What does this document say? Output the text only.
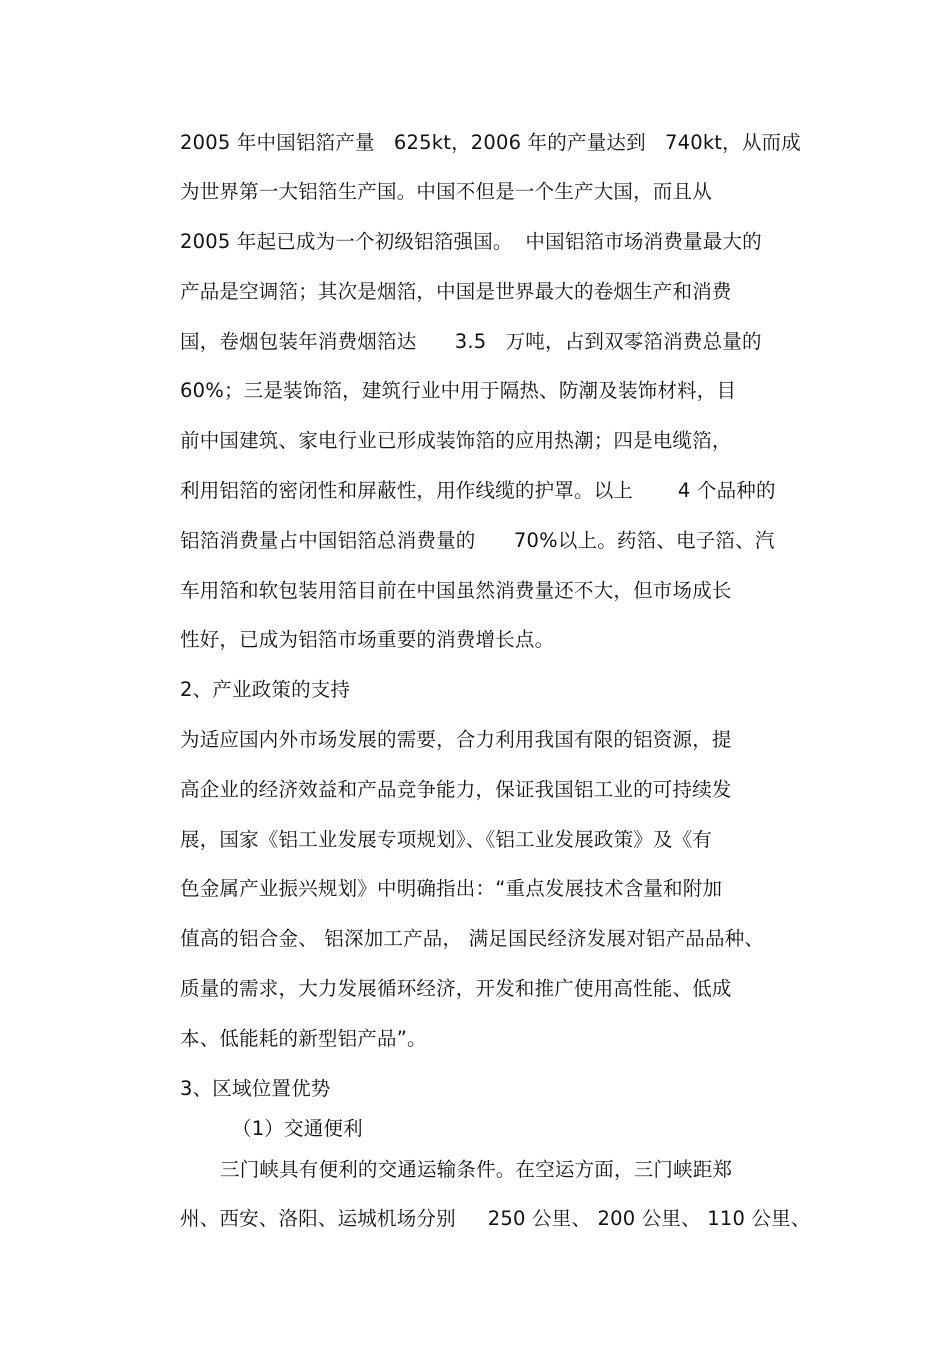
2005 年中国铝箔产量   625kt，2006 年的产量达到   740kt，从而成
为世界第一大铝箔生产国。中国不但是一个生产大国，而且从
2005 年起已成为一个初级铝箔强国。  中国铝箔市场消费量最大的
产品是空调箔；其次是烟箔，中国是世界最大的卷烟生产和消费
国，卷烟包装年消费烟箔达      3.5   万吨，占到双零箔消费总量的
60%；三是装饰箔，建筑行业中用于隔热、防潮及装饰材料，目
前中国建筑、家电行业已形成装饰箔的应用热潮；四是电缆箔，
利用铝箔的密闭性和屏蔽性，用作线缆的护罩。以上       4 个品种的
铝箔消费量占中国铝箔总消费量的      70%以上。药箔、电子箔、汽
车用箔和软包装用箔目前在中国虽然消费量还不大，但市场成长
性好，已成为铝箔市场重要的消费增长点。
2、产业政策的支持
为适应国内外市场发展的需要，合力利用我国有限的铝资源，提
高企业的经济效益和产品竞争能力，保证我国铝工业的可持续发
展，国家《铝工业发展专项规划》、《铝工业发展政策》及《有
色金属产业振兴规划》中明确指出：“重点发展技术含量和附加
值高的铝合金、 铝深加工产品， 满足国民经济发展对铝产品品种、
质量的需求，大力发展循环经济，开发和推广使用高性能、低成
本、低能耗的新型铝产品”。
3、区域位置优势
（1）交通便利
三门峡具有便利的交通运输条件。在空运方面，三门峡距郑
州、西安、洛阳、运城机场分别     250 公里、 200 公里、 110 公里、
